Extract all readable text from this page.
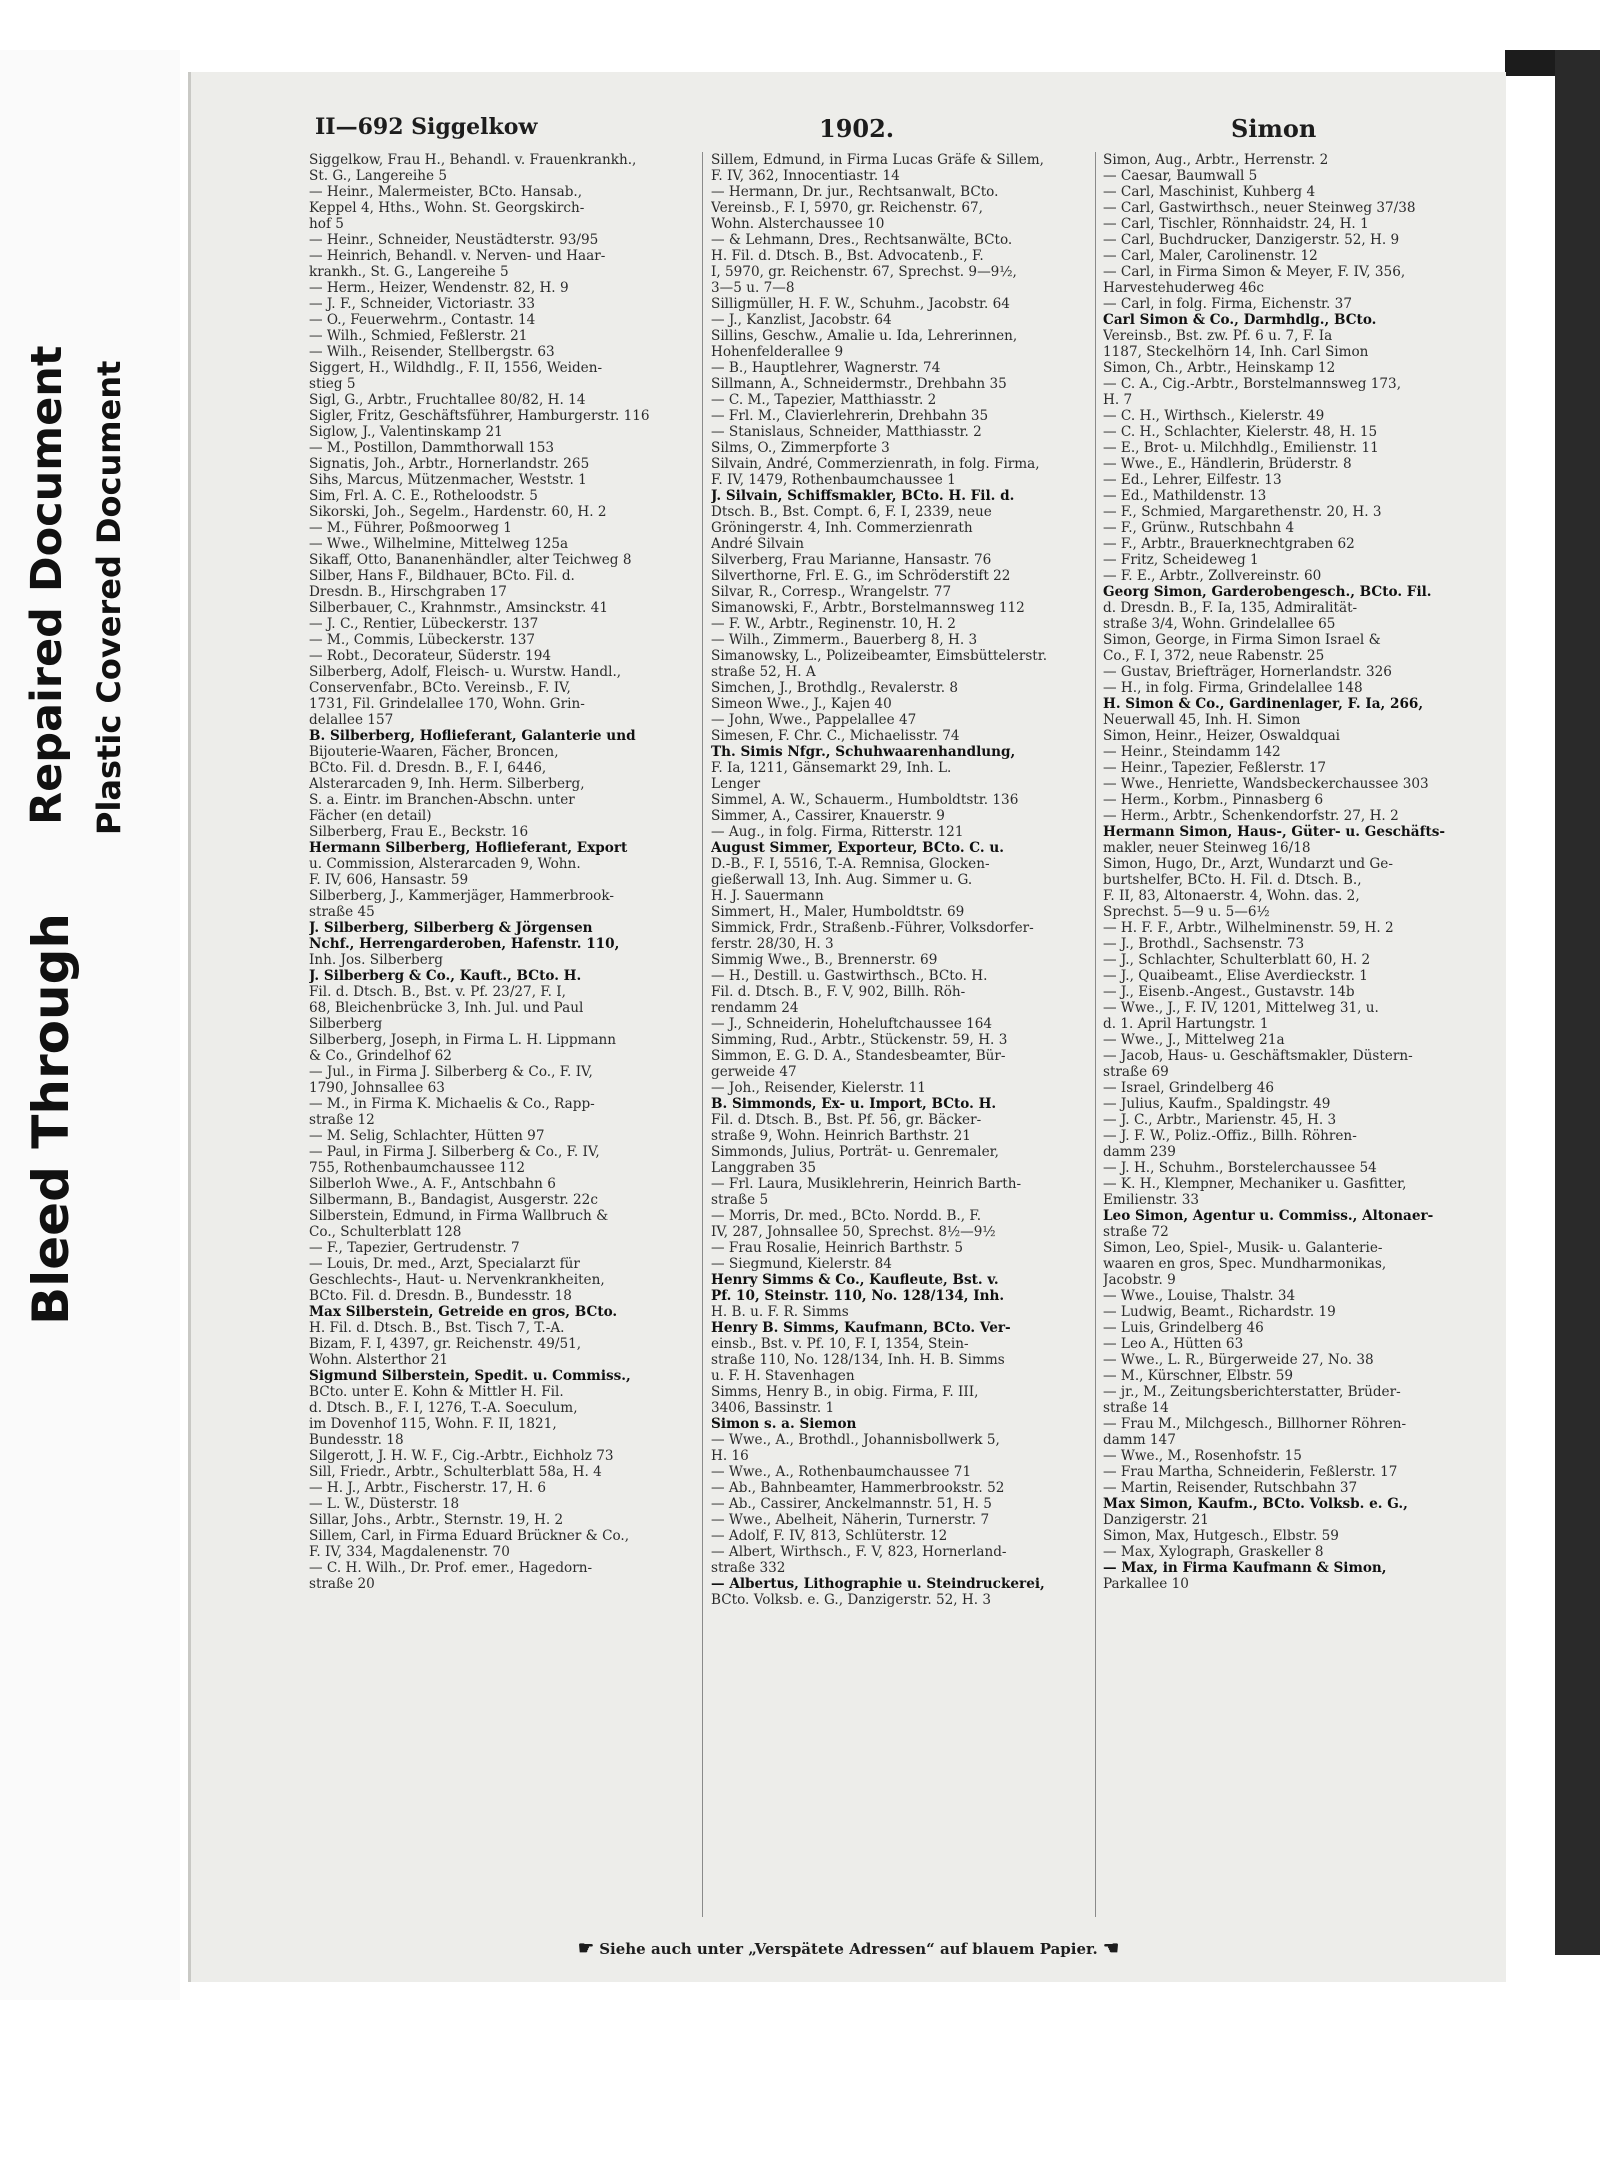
Bleed Through
Repaired Document Plastic Covered Document
II—692 Siggelkow	1902.	Simon
Siggelkow, Frau H., Behandl. v. Frauenkrankh.,
St. G., Langereihe 5
— Heinr., Malermeister, BCto. Hansab.,
Keppel 4, Hths., Wohn. St. Georgskirch-
hof 5
— Heinr., Schneider, Neustädterstr. 93/95
— Heinrich, Behandl. v. Nerven- und Haar-
krankh., St. G., Langereihe 5
— Herm., Heizer, Wendenstr. 82, H. 9
— J. F., Schneider, Victoriastr. 33
— O., Feuerwehrm., Contastr. 14
— Wilh., Schmied, Feßlerstr. 21
— Wilh., Reisender, Stellbergstr. 63
Siggert, H., Wildhdlg., F. II, 1556, Weiden-
stieg 5
Sigl, G., Arbtr., Fruchtallee 80/82, H. 14
Sigler, Fritz, Geschäftsführer, Hamburgerstr. 116
Siglow, J., Valentinskamp 21
— M., Postillon, Dammthorwall 153
Signatis, Joh., Arbtr., Hornerlandstr. 265
Sihs, Marcus, Mützenmacher, Weststr. 1
Sim, Frl. A. C. E., Rotheloodstr. 5
Sikorski, Joh., Segelm., Hardenstr. 60, H. 2
— M., Führer, Poßmoorweg 1
— Wwe., Wilhelmine, Mittelweg 125a
Sikaff, Otto, Bananenhändler, alter Teichweg 8
Silber, Hans F., Bildhauer, BCto. Fil. d.
Dresdn. B., Hirschgraben 17
Silberbauer, C., Krahnmstr., Amsinckstr. 41
— J. C., Rentier, Lübeckerstr. 137
— M., Commis, Lübeckerstr. 137
— Robt., Decorateur, Süderstr. 194
Silberberg, Adolf, Fleisch- u. Wurstw. Handl.,
Conservenfabr., BCto. Vereinsb., F. IV,
1731, Fil. Grindelallee 170, Wohn. Grin-
delallee 157
B. Silberberg, Hoflieferant, Galanterie und
Bijouterie-Waaren, Fächer, Broncen,
BCto. Fil. d. Dresdn. B., F. I, 6446,
Alsterarcaden 9, Inh. Herm. Silberberg,
S. a. Eintr. im Branchen-Abschn. unter
Fächer (en detail)
Silberberg, Frau E., Beckstr. 16
Hermann Silberberg, Hoflieferant, Export
u. Commission, Alsterarcaden 9, Wohn.
F. IV, 606, Hansastr. 59
Silberberg, J., Kammerjäger, Hammerbrook-
straße 45
J. Silberberg, Silberberg & Jörgensen
Nchf., Herrengarderoben, Hafenstr. 110,
Inh. Jos. Silberberg
J. Silberberg & Co., Kauft., BCto. H.
Fil. d. Dtsch. B., Bst. v. Pf. 23/27, F. I,
68, Bleichenbrücke 3, Inh. Jul. und Paul
Silberberg
Silberberg, Joseph, in Firma L. H. Lippmann
& Co., Grindelhof 62
— Jul., in Firma J. Silberberg & Co., F. IV,
1790, Johnsallee 63
— M., in Firma K. Michaelis & Co., Rapp-
straße 12
— M. Selig, Schlachter, Hütten 97
— Paul, in Firma J. Silberberg & Co., F. IV,
755, Rothenbaumchaussee 112
Silberloh Wwe., A. F., Antschbahn 6
Silbermann, B., Bandagist, Ausgerstr. 22c
Silberstein, Edmund, in Firma Wallbruch &
Co., Schulterblatt 128
— F., Tapezier, Gertrudenstr. 7
— Louis, Dr. med., Arzt, Specialarzt für
Geschlechts-, Haut- u. Nervenkrankheiten,
BCto. Fil. d. Dresdn. B., Bundesstr. 18
Max Silberstein, Getreide en gros, BCto.
H. Fil. d. Dtsch. B., Bst. Tisch 7, T.-A.
Bizam, F. I, 4397, gr. Reichenstr. 49/51,
Wohn. Alsterthor 21
Sigmund Silberstein, Spedit. u. Commiss.,
BCto. unter E. Kohn & Mittler H. Fil.
d. Dtsch. B., F. I, 1276, T.-A. Soeculum,
im Dovenhof 115, Wohn. F. II, 1821,
Bundesstr. 18
Silgerott, J. H. W. F., Cig.-Arbtr., Eichholz 73
Sill, Friedr., Arbtr., Schulterblatt 58a, H. 4
— H. J., Arbtr., Fischerstr. 17, H. 6
— L. W., Düsterstr. 18
Sillar, Johs., Arbtr., Sternstr. 19, H. 2
Sillem, Carl, in Firma Eduard Brückner & Co.,
F. IV, 334, Magdalenenstr. 70
— C. H. Wilh., Dr. Prof. emer., Hagedorn-
straße 20
Sillem, Edmund, in Firma Lucas Gräfe & Sillem,
F. IV, 362, Innocentiastr. 14
— Hermann, Dr. jur., Rechtsanwalt, BCto.
Vereinsb., F. I, 5970, gr. Reichenstr. 67,
Wohn. Alsterchaussee 10
— & Lehmann, Dres., Rechtsanwälte, BCto.
H. Fil. d. Dtsch. B., Bst. Advocatenb., F.
I, 5970, gr. Reichenstr. 67, Sprechst. 9—9½,
3—5 u. 7—8
Silligmüller, H. F. W., Schuhm., Jacobstr. 64
— J., Kanzlist, Jacobstr. 64
Sillins, Geschw., Amalie u. Ida, Lehrerinnen,
Hohenfelderallee 9
— B., Hauptlehrer, Wagnerstr. 74
Sillmann, A., Schneidermstr., Drehbahn 35
— C. M., Tapezier, Matthiasstr. 2
— Frl. M., Clavierlehrerin, Drehbahn 35
— Stanislaus, Schneider, Matthiasstr. 2
Silms, O., Zimmerpforte 3
Silvain, André, Commerzienrath, in folg. Firma,
F. IV, 1479, Rothenbaumchaussee 1
J. Silvain, Schiffsmakler, BCto. H. Fil. d.
Dtsch. B., Bst. Compt. 6, F. I, 2339, neue
Gröningerstr. 4, Inh. Commerzienrath
André Silvain
Silverberg, Frau Marianne, Hansastr. 76
Silverthorne, Frl. E. G., im Schröderstift 22
Silvar, R., Corresp., Wrangelstr. 77
Simanowski, F., Arbtr., Borstelmannsweg 112
— F. W., Arbtr., Reginenstr. 10, H. 2
— Wilh., Zimmerm., Bauerberg 8, H. 3
Simanowsky, L., Polizeibeamter, Eimsbüttelerstr.
straße 52, H. A
Simchen, J., Brothdlg., Revalerstr. 8
Simeon Wwe., J., Kajen 40
— John, Wwe., Pappelallee 47
Simesen, F. Chr. C., Michaelisstr. 74
Th. Simis Nfgr., Schuhwaarenhandlung,
F. Ia, 1211, Gänsemarkt 29, Inh. L.
Lenger
Simmel, A. W., Schauerm., Humboldtstr. 136
Simmer, A., Cassirer, Knauerstr. 9
— Aug., in folg. Firma, Ritterstr. 121
August Simmer, Exporteur, BCto. C. u.
D.-B., F. I, 5516, T.-A. Remnisa, Glocken-
gießerwall 13, Inh. Aug. Simmer u. G.
H. J. Sauermann
Simmert, H., Maler, Humboldtstr. 69
Simmick, Frdr., Straßenb.-Führer, Volksdorfer-
ferstr. 28/30, H. 3
Simmig Wwe., B., Brennerstr. 69
— H., Destill. u. Gastwirthsch., BCto. H.
Fil. d. Dtsch. B., F. V, 902, Billh. Röh-
rendamm 24
— J., Schneiderin, Hoheluftchaussee 164
Simming, Rud., Arbtr., Stückenstr. 59, H. 3
Simmon, E. G. D. A., Standesbeamter, Bür-
gerweide 47
— Joh., Reisender, Kielerstr. 11
B. Simmonds, Ex- u. Import, BCto. H.
Fil. d. Dtsch. B., Bst. Pf. 56, gr. Bäcker-
straße 9, Wohn. Heinrich Barthstr. 21
Simmonds, Julius, Porträt- u. Genremaler,
Langgraben 35
— Frl. Laura, Musiklehrerin, Heinrich Barth-
straße 5
— Morris, Dr. med., BCto. Nordd. B., F.
IV, 287, Johnsallee 50, Sprechst. 8½—9½
— Frau Rosalie, Heinrich Barthstr. 5
— Siegmund, Kielerstr. 84
Henry Simms & Co., Kaufleute, Bst. v.
Pf. 10, Steinstr. 110, No. 128/134, Inh.
H. B. u. F. R. Simms
Henry B. Simms, Kaufmann, BCto. Ver-
einsb., Bst. v. Pf. 10, F. I, 1354, Stein-
straße 110, No. 128/134, Inh. H. B. Simms
u. F. H. Stavenhagen
Simms, Henry B., in obig. Firma, F. III,
3406, Bassinstr. 1
Simon s. a. Siemon
— Wwe., A., Brothdl., Johannisbollwerk 5,
H. 16
— Wwe., A., Rothenbaumchaussee 71
— Ab., Bahnbeamter, Hammerbrookstr. 52
— Ab., Cassirer, Anckelmannstr. 51, H. 5
— Wwe., Abelheit, Näherin, Turnerstr. 7
— Adolf, F. IV, 813, Schlüterstr. 12
— Albert, Wirthsch., F. V, 823, Hornerland-
straße 332
— Albertus, Lithographie u. Steindruckerei,
BCto. Volksb. e. G., Danzigerstr. 52, H. 3
Simon, Aug., Arbtr., Herrenstr. 2
— Caesar, Baumwall 5
— Carl, Maschinist, Kuhberg 4
— Carl, Gastwirthsch., neuer Steinweg 37/38
— Carl, Tischler, Rönnhaidstr. 24, H. 1
— Carl, Buchdrucker, Danzigerstr. 52, H. 9
— Carl, Maler, Carolinenstr. 12
— Carl, in Firma Simon & Meyer, F. IV, 356,
Harvestehuderweg 46c
— Carl, in folg. Firma, Eichenstr. 37
Carl Simon & Co., Darmhdlg., BCto.
Vereinsb., Bst. zw. Pf. 6 u. 7, F. Ia
1187, Steckelhörn 14, Inh. Carl Simon
Simon, Ch., Arbtr., Heinskamp 12
— C. A., Cig.-Arbtr., Borstelmannsweg 173,
H. 7
— C. H., Wirthsch., Kielerstr. 49
— C. H., Schlachter, Kielerstr. 48, H. 15
— E., Brot- u. Milchhdlg., Emilienstr. 11
— Wwe., E., Händlerin, Brüderstr. 8
— Ed., Lehrer, Eilfestr. 13
— Ed., Mathildenstr. 13
— F., Schmied, Margarethenstr. 20, H. 3
— F., Grünw., Rutschbahn 4
— F., Arbtr., Brauerknechtgraben 62
— Fritz, Scheideweg 1
— F. E., Arbtr., Zollvereinstr. 60
Georg Simon, Garderobengesch., BCto. Fil.
d. Dresdn. B., F. Ia, 135, Admiralität-
straße 3/4, Wohn. Grindelallee 65
Simon, George, in Firma Simon Israel &
Co., F. I, 372, neue Rabenstr. 25
— Gustav, Briefträger, Hornerlandstr. 326
— H., in folg. Firma, Grindelallee 148
H. Simon & Co., Gardinenlager, F. Ia, 266,
Neuerwall 45, Inh. H. Simon
Simon, Heinr., Heizer, Oswaldquai
— Heinr., Steindamm 142
— Heinr., Tapezier, Feßlerstr. 17
— Wwe., Henriette, Wandsbeckerchaussee 303
— Herm., Korbm., Pinnasberg 6
— Herm., Arbtr., Schenkendorfstr. 27, H. 2
Hermann Simon, Haus-, Güter- u. Geschäfts-
makler, neuer Steinweg 16/18
Simon, Hugo, Dr., Arzt, Wundarzt und Ge-
burtshelfer, BCto. H. Fil. d. Dtsch. B.,
F. II, 83, Altonaerstr. 4, Wohn. das. 2,
Sprechst. 5—9 u. 5—6½
— H. F. F., Arbtr., Wilhelminenstr. 59, H. 2
— J., Brothdl., Sachsenstr. 73
— J., Schlachter, Schulterblatt 60, H. 2
— J., Quaibeamt., Elise Averdieckstr. 1
— J., Eisenb.-Angest., Gustavstr. 14b
— Wwe., J., F. IV, 1201, Mittelweg 31, u.
d. 1. April Hartungstr. 1
— Wwe., J., Mittelweg 21a
— Jacob, Haus- u. Geschäftsmakler, Düstern-
straße 69
— Israel, Grindelberg 46
— Julius, Kaufm., Spaldingstr. 49
— J. C., Arbtr., Marienstr. 45, H. 3
— J. F. W., Poliz.-Offiz., Billh. Röhren-
damm 239
— J. H., Schuhm., Borstelerchaussee 54
— K. H., Klempner, Mechaniker u. Gasfitter,
Emilienstr. 33
Leo Simon, Agentur u. Commiss., Altonaer-
straße 72
Simon, Leo, Spiel-, Musik- u. Galanterie-
waaren en gros, Spec. Mundharmonikas,
Jacobstr. 9
— Wwe., Louise, Thalstr. 34
— Ludwig, Beamt., Richardstr. 19
— Luis, Grindelberg 46
— Leo A., Hütten 63
— Wwe., L. R., Bürgerweide 27, No. 38
— M., Kürschner, Elbstr. 59
— jr., M., Zeitungsberichterstatter, Brüder-
straße 14
— Frau M., Milchgesch., Billhorner Röhren-
damm 147
— Wwe., M., Rosenhofstr. 15
— Frau Martha, Schneiderin, Feßlerstr. 17
— Martin, Reisender, Rutschbahn 37
Max Simon, Kaufm., BCto. Volksb. e. G.,
Danzigerstr. 21
Simon, Max, Hutgesch., Elbstr. 59
— Max, Xylograph, Graskeller 8
— Max, in Firma Kaufmann & Simon,
Parkallee 10
☛ Siehe auch unter „Verspätete Adressen“ auf blauem Papier. ☚
